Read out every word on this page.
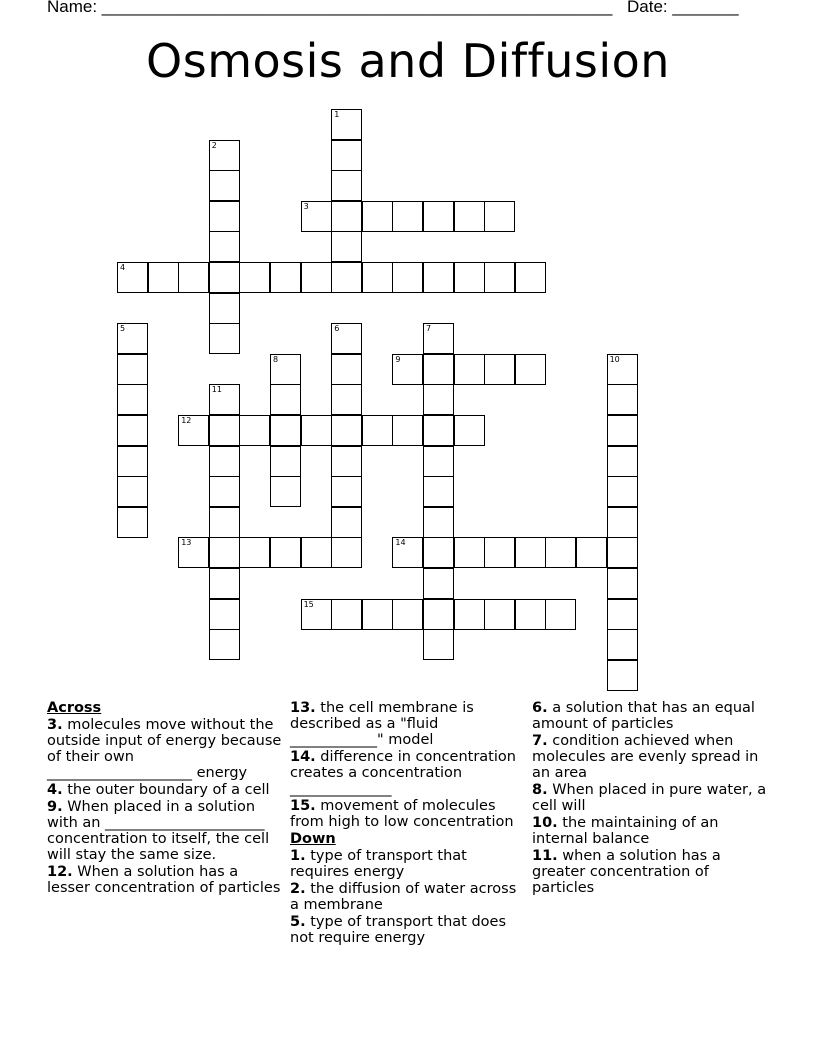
Name: ______________________________________________________ Date: _______
Osmosis and Diffusion
3
4
9
12
13	14
15
1
2
5	6	7
8	10
11
Across
3. molecules move without the outside input of energy because of their own ____________________ energy
4. the outer boundary of a cell
9. When placed in a solution with an ______________________ concentration to itself, the cell will stay the same size.
12. When a solution has a lesser concentration of particles
13. the cell membrane is described as a "fluid ____________" model
14. difference in concentration creates a concentration ______________
15. movement of molecules from high to low concentration
Down
1. type of transport that requires energy
2. the diffusion of water across a membrane
5. type of transport that does not require energy
6. a solution that has an equal amount of particles
7. condition achieved when molecules are evenly spread in an area
8. When placed in pure water, a cell will
10. the maintaining of an internal balance
11. when a solution has a greater concentration of particles
